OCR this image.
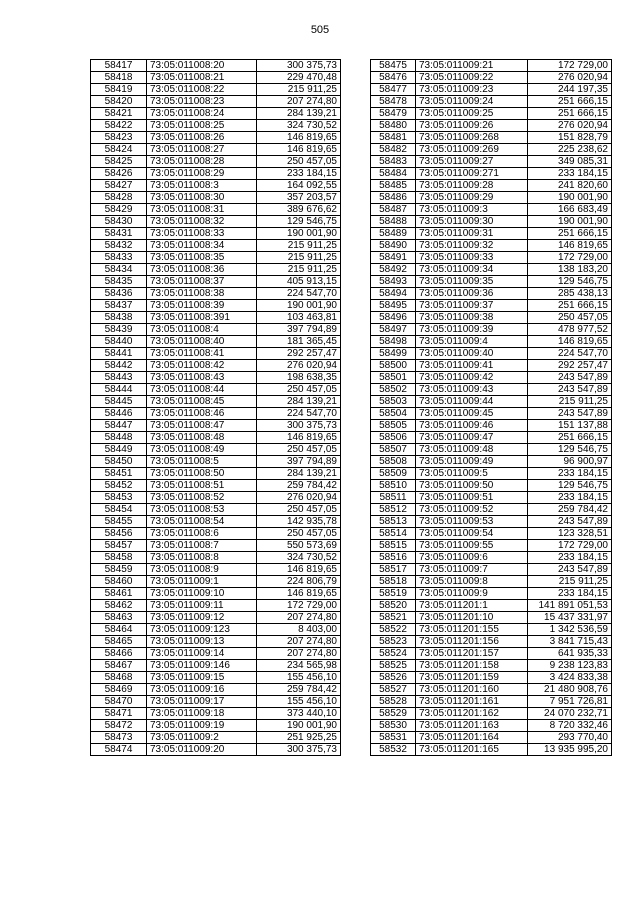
505
58417	73:05:011008:20	300 375,73
58418	73:05:011008:21	229 470,48
58419	73:05:011008:22	215 911,25
58420	73:05:011008:23	207 274,80
58421	73:05:011008:24	284 139,21
58422	73:05:011008:25	324 730,52
58423	73:05:011008:26	146 819,65
58424	73:05:011008:27	146 819,65
58425	73:05:011008:28	250 457,05
58426	73:05:011008:29	233 184,15
58427	73:05:011008:3	164 092,55
58428	73:05:011008:30	357 203,57
58429	73:05:011008:31	389 676,62
58430	73:05:011008:32	129 546,75
58431	73:05:011008:33	190 001,90
58432	73:05:011008:34	215 911,25
58433	73:05:011008:35	215 911,25
58434	73:05:011008:36	215 911,25
58435	73:05:011008:37	405 913,15
58436	73:05:011008:38	224 547,70
58437	73:05:011008:39	190 001,90
58438	73:05:011008:391	103 463,81
58439	73:05:011008:4	397 794,89
58440	73:05:011008:40	181 365,45
58441	73:05:011008:41	292 257,47
58442	73:05:011008:42	276 020,94
58443	73:05:011008:43	198 638,35
58444	73:05:011008:44	250 457,05
58445	73:05:011008:45	284 139,21
58446	73:05:011008:46	224 547,70
58447	73:05:011008:47	300 375,73
58448	73:05:011008:48	146 819,65
58449	73:05:011008:49	250 457,05
58450	73:05:011008:5	397 794,89
58451	73:05:011008:50	284 139,21
58452	73:05:011008:51	259 784,42
58453	73:05:011008:52	276 020,94
58454	73:05:011008:53	250 457,05
58455	73:05:011008:54	142 935,78
58456	73:05:011008:6	250 457,05
58457	73:05:011008:7	550 573,69
58458	73:05:011008:8	324 730,52
58459	73:05:011008:9	146 819,65
58460	73:05:011009:1	224 806,79
58461	73:05:011009:10	146 819,65
58462	73:05:011009:11	172 729,00
58463	73:05:011009:12	207 274,80
58464	73:05:011009:123	8 403,00
58465	73:05:011009:13	207 274,80
58466	73:05:011009:14	207 274,80
58467	73:05:011009:146	234 565,98
58468	73:05:011009:15	155 456,10
58469	73:05:011009:16	259 784,42
58470	73:05:011009:17	155 456,10
58471	73:05:011009:18	373 440,10
58472	73:05:011009:19	190 001,90
58473	73:05:011009:2	251 925,25
58474	73:05:011009:20	300 375,73
58475	73:05:011009:21	172 729,00
58476	73:05:011009:22	276 020,94
58477	73:05:011009:23	244 197,35
58478	73:05:011009:24	251 666,15
58479	73:05:011009:25	251 666,15
58480	73:05:011009:26	276 020,94
58481	73:05:011009:268	151 828,79
58482	73:05:011009:269	225 238,62
58483	73:05:011009:27	349 085,31
58484	73:05:011009:271	233 184,15
58485	73:05:011009:28	241 820,60
58486	73:05:011009:29	190 001,90
58487	73:05:011009:3	166 683,49
58488	73:05:011009:30	190 001,90
58489	73:05:011009:31	251 666,15
58490	73:05:011009:32	146 819,65
58491	73:05:011009:33	172 729,00
58492	73:05:011009:34	138 183,20
58493	73:05:011009:35	129 546,75
58494	73:05:011009:36	285 438,13
58495	73:05:011009:37	251 666,15
58496	73:05:011009:38	250 457,05
58497	73:05:011009:39	478 977,52
58498	73:05:011009:4	146 819,65
58499	73:05:011009:40	224 547,70
58500	73:05:011009:41	292 257,47
58501	73:05:011009:42	243 547,89
58502	73:05:011009:43	243 547,89
58503	73:05:011009:44	215 911,25
58504	73:05:011009:45	243 547,89
58505	73:05:011009:46	151 137,88
58506	73:05:011009:47	251 666,15
58507	73:05:011009:48	129 546,75
58508	73:05:011009:49	96 900,97
58509	73:05:011009:5	233 184,15
58510	73:05:011009:50	129 546,75
58511	73:05:011009:51	233 184,15
58512	73:05:011009:52	259 784,42
58513	73:05:011009:53	243 547,89
58514	73:05:011009:54	123 328,51
58515	73:05:011009:55	172 729,00
58516	73:05:011009:6	233 184,15
58517	73:05:011009:7	243 547,89
58518	73:05:011009:8	215 911,25
58519	73:05:011009:9	233 184,15
58520	73:05:011201:1	141 891 051,53
58521	73:05:011201:10	15 437 331,97
58522	73:05:011201:155	1 342 536,59
58523	73:05:011201:156	3 841 715,43
58524	73:05:011201:157	641 935,33
58525	73:05:011201:158	9 238 123,83
58526	73:05:011201:159	3 424 833,38
58527	73:05:011201:160	21 480 908,76
58528	73:05:011201:161	7 951 726,81
58529	73:05:011201:162	24 070 232,71
58530	73:05:011201:163	8 720 332,46
58531	73:05:011201:164	293 770,40
58532	73:05:011201:165	13 935 995,20
